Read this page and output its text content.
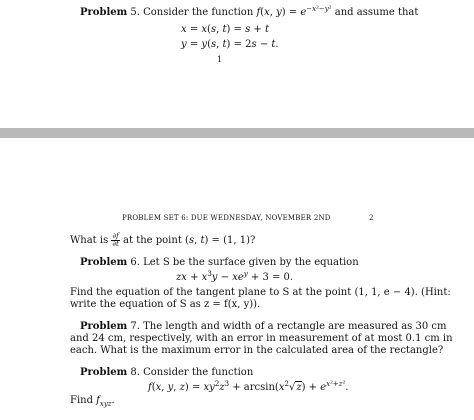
Problem 5. Consider the function f(x, $y) = e^{-x^2-y^2}$ and assume that
x = x(s, t) = s + t
y = y(s, t) = 2s − t.
1
PROBLEM SET 6: DUE WEDNESDAY, NOVEMBER 2ND	2
What is $\frac{\partial f}{\partial t}$ at the point (s, t) = (1, 1)?
Problem 6. Let S be the surface given by the equation
zx + $x^3y - xe^y + 3 = 0$.
Find the equation of the tangent plane to S at the point (1, 1, e − 4). (Hint:
write the equation of S as z = f(x, y)).
Problem 7. The length and width of a rectangle are measured as 30 cm
and 24 cm, respectively, with an error in measurement of at most 0.1 cm in
each. What is the maximum error in the calculated area of the rectangle?
Problem 8. Consider the function
f(x, y, $z) = xy^2z^3 + \arcsin(x^2√z) + e^{x^2+z^2}$.
Find $f_{xyz}$.
